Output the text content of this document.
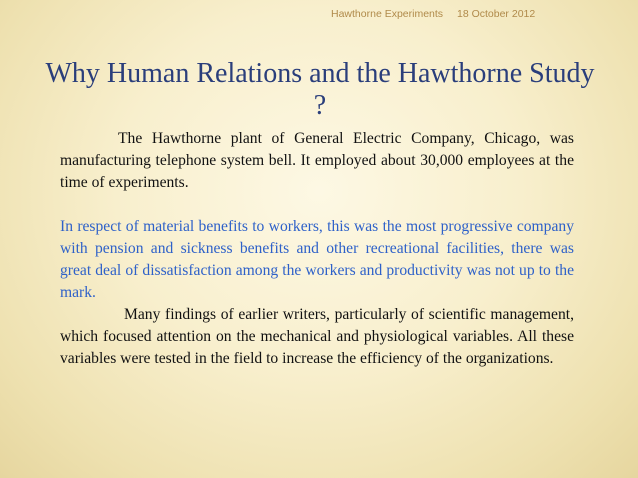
Hawthorne Experiments 18 October 2012
Why Human Relations and the Hawthorne Study ?

The Hawthorne plant of General Electric Company, Chicago, was manufacturing telephone system bell. It employed about 30,000 employees at the time of experiments.

In respect of material benefits to workers, this was the most progressive company with pension and sickness benefits and other recreational facilities, there was great deal of dissatisfaction among the workers and productivity was not up to the mark.

Many findings of earlier writers, particularly of scientific management, which focused attention on the mechanical and physiological variables. All these variables were tested in the field to increase the efficiency of the organizations.
